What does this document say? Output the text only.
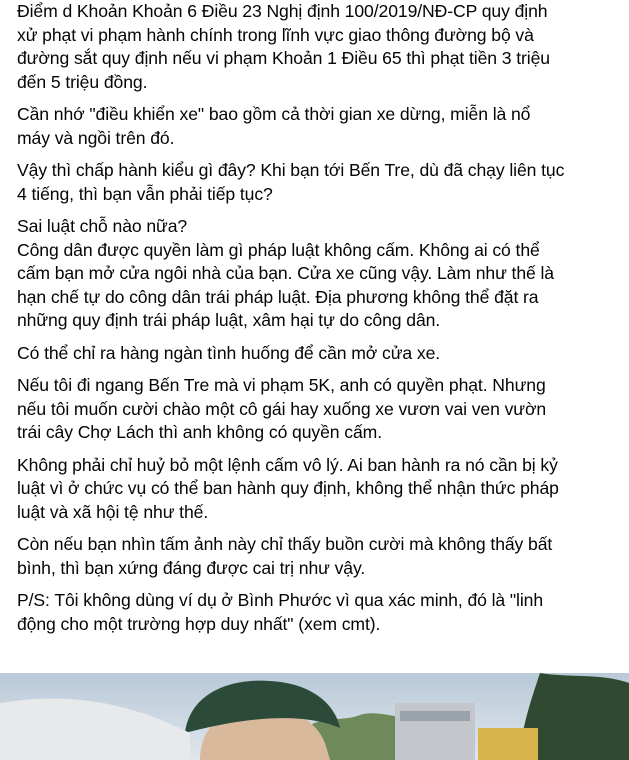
Điểm d Khoản Khoản 6 Điều 23 Nghị định 100/2019/NĐ-CP quy định
xử phạt vi phạm hành chính trong lĩnh vực giao thông đường bộ và
đường sắt quy định nếu vi phạm Khoản 1 Điều 65 thì phạt tiền 3 triệu
đến 5 triệu đồng.

Cần nhớ "điều khiển xe" bao gồm cả thời gian xe dừng, miễn là nổ
máy và ngồi trên đó.

Vậy thì chấp hành kiểu gì đây? Khi bạn tới Bến Tre, dù đã chạy liên tục
4 tiếng, thì bạn vẫn phải tiếp tục?

Sai luật chỗ nào nữa?

Công dân được quyền làm gì pháp luật không cấm. Không ai có thể
cấm bạn mở cửa ngôi nhà của bạn. Cửa xe cũng vậy. Làm như thế là
hạn chế tự do công dân trái pháp luật. Địa phương không thể đặt ra
những quy định trái pháp luật, xâm hại tự do công dân.

Có thể chỉ ra hàng ngàn tình huống để cần mở cửa xe.

Nếu tôi đi ngang Bến Tre mà vi phạm 5K, anh có quyền phạt. Nhưng
nếu tôi muốn cười chào một cô gái hay xuống xe vươn vai ven vườn
trái cây Chợ Lách thì anh không có quyền cấm.

Không phải chỉ huỷ bỏ một lệnh cấm vô lý. Ai ban hành ra nó cần bị kỷ
luật vì ở chức vụ có thể ban hành quy định, không thể nhận thức pháp
luật và xã hội tệ như thế.

Còn nếu bạn nhìn tấm ảnh này chỉ thấy buồn cười mà không thấy bất
bình, thì bạn xứng đáng được cai trị như vậy.

P/S: Tôi không dùng ví dụ ở Bình Phước vì qua xác minh, đó là "linh
động cho một trường hợp duy nhất" (xem cmt).
